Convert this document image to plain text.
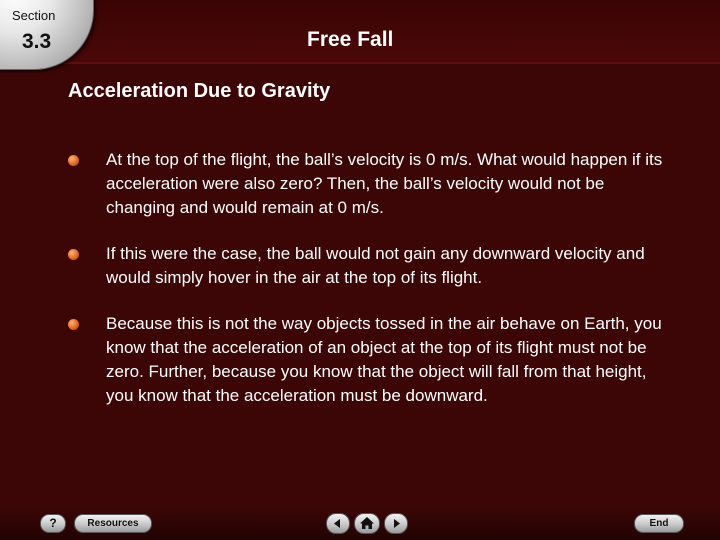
Section
3.3	Free Fall
Acceleration Due to Gravity
At the top of the flight, the ball’s velocity is 0 m/s. What would happen if its acceleration were also zero? Then, the ball’s velocity would not be changing and would remain at 0 m/s.
If this were the case, the ball would not gain any downward velocity and would simply hover in the air at the top of its flight.
Because this is not the way objects tossed in the air behave on Earth, you know that the acceleration of an object at the top of its flight must not be zero. Further, because you know that the object will fall from that height, you know that the acceleration must be downward.
?	Resources	End
